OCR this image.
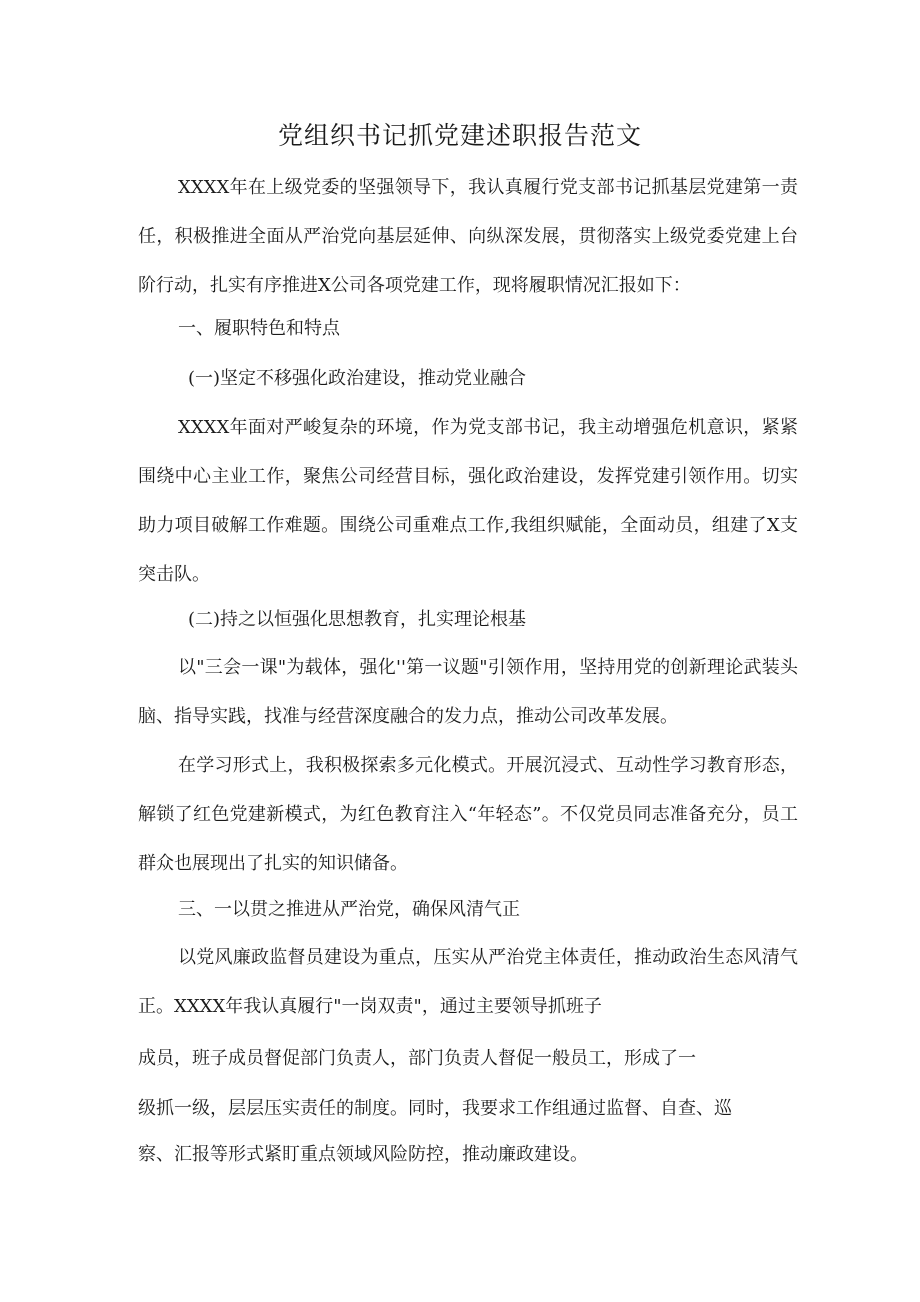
党组织书记抓党建述职报告范文
XXXX年在上级党委的坚强领导下，我认真履行党支部书记抓基层党建第一责任，积极推进全面从严治党向基层延伸、向纵深发展，贯彻落实上级党委党建上台阶行动，扎实有序推进X公司各项党建工作，现将履职情况汇报如下：
一、履职特色和特点
(一)坚定不移强化政治建设，推动党业融合
XXXX年面对严峻复杂的环境，作为党支部书记，我主动增强危机意识，紧紧围绕中心主业工作，聚焦公司经营目标，强化政治建设，发挥党建引领作用。切实助力项目破解工作难题。围绕公司重难点工作,我组织赋能，全面动员，组建了X支突击队。
(二)持之以恒强化思想教育，扎实理论根基
以"三会一课"为载体，强化''第一议题"引领作用，坚持用党的创新理论武装头脑、指导实践，找准与经营深度融合的发力点，推动公司改革发展。
在学习形式上，我积极探索多元化模式。开展沉浸式、互动性学习教育形态，解锁了红色党建新模式，为红色教育注入“年轻态”。不仅党员同志准备充分，员工群众也展现出了扎实的知识储备。
三、一以贯之推进从严治党，确保风清气正
以党风廉政监督员建设为重点，压实从严治党主体责任，推动政治生态风清气正。XXXX年我认真履行"一岗双责"，通过主要领导抓班子
成员，班子成员督促部门负责人，部门负责人督促一般员工，形成了一
级抓一级，层层压实责任的制度。同时，我要求工作组通过监督、自查、巡
察、汇报等形式紧盯重点领域风险防控，推动廉政建设。
